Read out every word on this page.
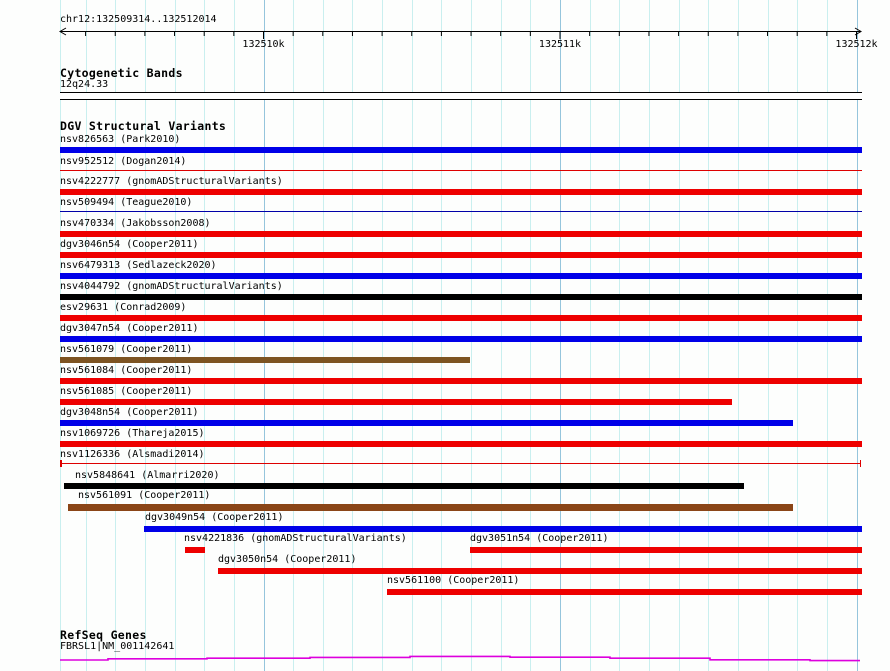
132510k	132511k	132512k
chr12:132509314..132512014
Cytogenetic Bands
12q24.33
DGV Structural Variants
nsv826563 (Park2010)
nsv952512 (Dogan2014)
nsv4222777 (gnomADStructuralVariants)
nsv509494 (Teague2010)
nsv470334 (Jakobsson2008)
dgv3046n54 (Cooper2011)
nsv6479313 (Sedlazeck2020)
nsv4044792 (gnomADStructuralVariants)
esv29631 (Conrad2009)
dgv3047n54 (Cooper2011)
nsv561079 (Cooper2011)
nsv561084 (Cooper2011)
nsv561085 (Cooper2011)
dgv3048n54 (Cooper2011)
nsv1069726 (Thareja2015)
nsv1126336 (Alsmadi2014)
nsv5848641 (Almarri2020)
nsv561091 (Cooper2011)
dgv3049n54 (Cooper2011)
nsv4221836 (gnomADStructuralVariants)	dgv3051n54 (Cooper2011)
dgv3050n54 (Cooper2011)
nsv561100 (Cooper2011)
RefSeq Genes
FBRSL1|NM_001142641
